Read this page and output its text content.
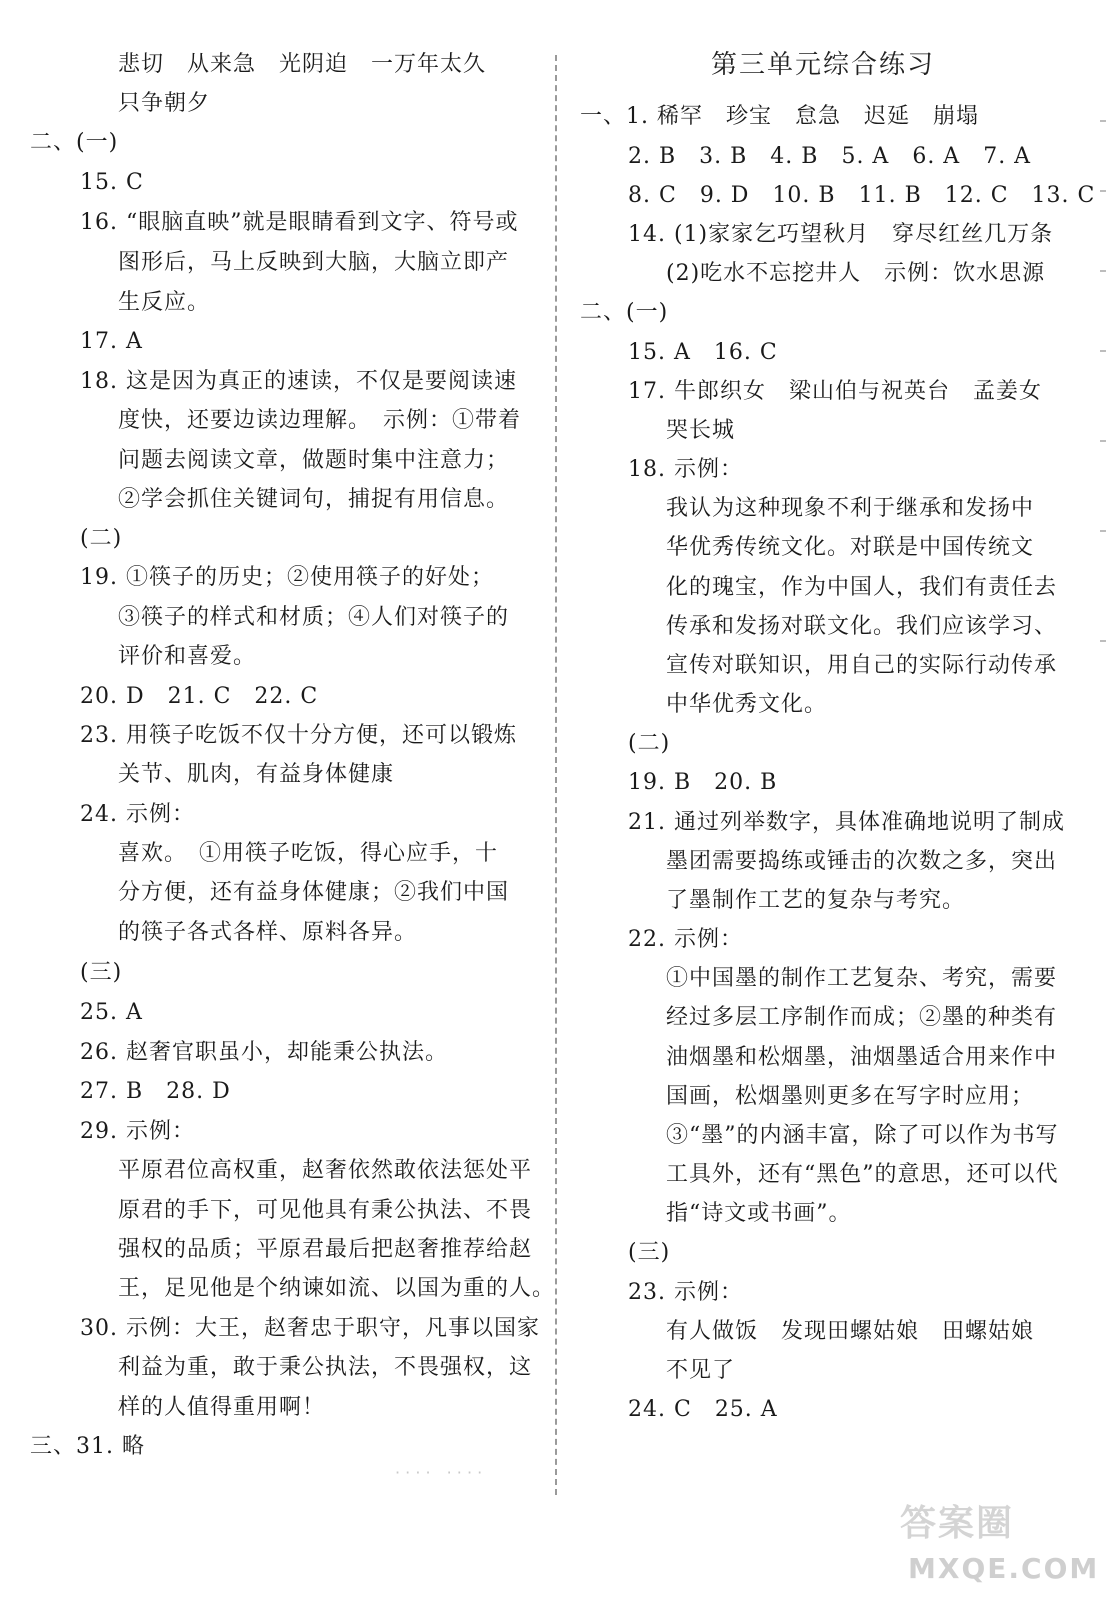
悲切　从来急　光阴迫　一万年太久
只争朝夕
二、(一)
15. C
16. “眼脑直映”就是眼睛看到文字、符号或
图形后，马上反映到大脑，大脑立即产
生反应。
17. A
18. 这是因为真正的速读，不仅是要阅读速
度快，还要边读边理解。　示例：①带着
问题去阅读文章，做题时集中注意力；
②学会抓住关键词句，捕捉有用信息。
(二)
19. ①筷子的历史；②使用筷子的好处；
③筷子的样式和材质；④人们对筷子的
评价和喜爱。
20. D　21. C　22. C
23. 用筷子吃饭不仅十分方便，还可以锻炼
关节、肌肉，有益身体健康
24. 示例：
喜欢。　①用筷子吃饭，得心应手，十
分方便，还有益身体健康；②我们中国
的筷子各式各样、原料各异。
(三)
25. A
26. 赵奢官职虽小，却能秉公执法。
27. B　28. D
29. 示例：
平原君位高权重，赵奢依然敢依法惩处平
原君的手下，可见他具有秉公执法、不畏
强权的品质；平原君最后把赵奢推荐给赵
王，足见他是个纳谏如流、以国为重的人。
30. 示例：大王，赵奢忠于职守，凡事以国家
利益为重，敢于秉公执法，不畏强权，这
样的人值得重用啊！
三、31. 略
第三单元综合练习
一、1. 稀罕　珍宝　怠急　迟延　崩塌
2. B　3. B　4. B　5. A　6. A　7. A
8. C　9. D　10. B　11. B　12. C　13. C
14. (1)家家乞巧望秋月　穿尽红丝几万条
(2)吃水不忘挖井人　示例：饮水思源
二、(一)
15. A　16. C
17. 牛郎织女　梁山伯与祝英台　孟姜女
哭长城
18. 示例：
我认为这种现象不利于继承和发扬中
华优秀传统文化。对联是中国传统文
化的瑰宝，作为中国人，我们有责任去
传承和发扬对联文化。我们应该学习、
宣传对联知识，用自己的实际行动传承
中华优秀文化。
(二)
19. B　20. B
21. 通过列举数字，具体准确地说明了制成
墨团需要捣练或锤击的次数之多，突出
了墨制作工艺的复杂与考究。
22. 示例：
①中国墨的制作工艺复杂、考究，需要
经过多层工序制作而成；②墨的种类有
油烟墨和松烟墨，油烟墨适合用来作中
国画，松烟墨则更多在写字时应用；
③“墨”的内涵丰富，除了可以作为书写
工具外，还有“黑色”的意思，还可以代
指“诗文或书画”。
(三)
23. 示例：
有人做饭　发现田螺姑娘　田螺姑娘
不见了
24. C　25. A
· · · ·　· · · ·
答案圈
MXQE.COM
